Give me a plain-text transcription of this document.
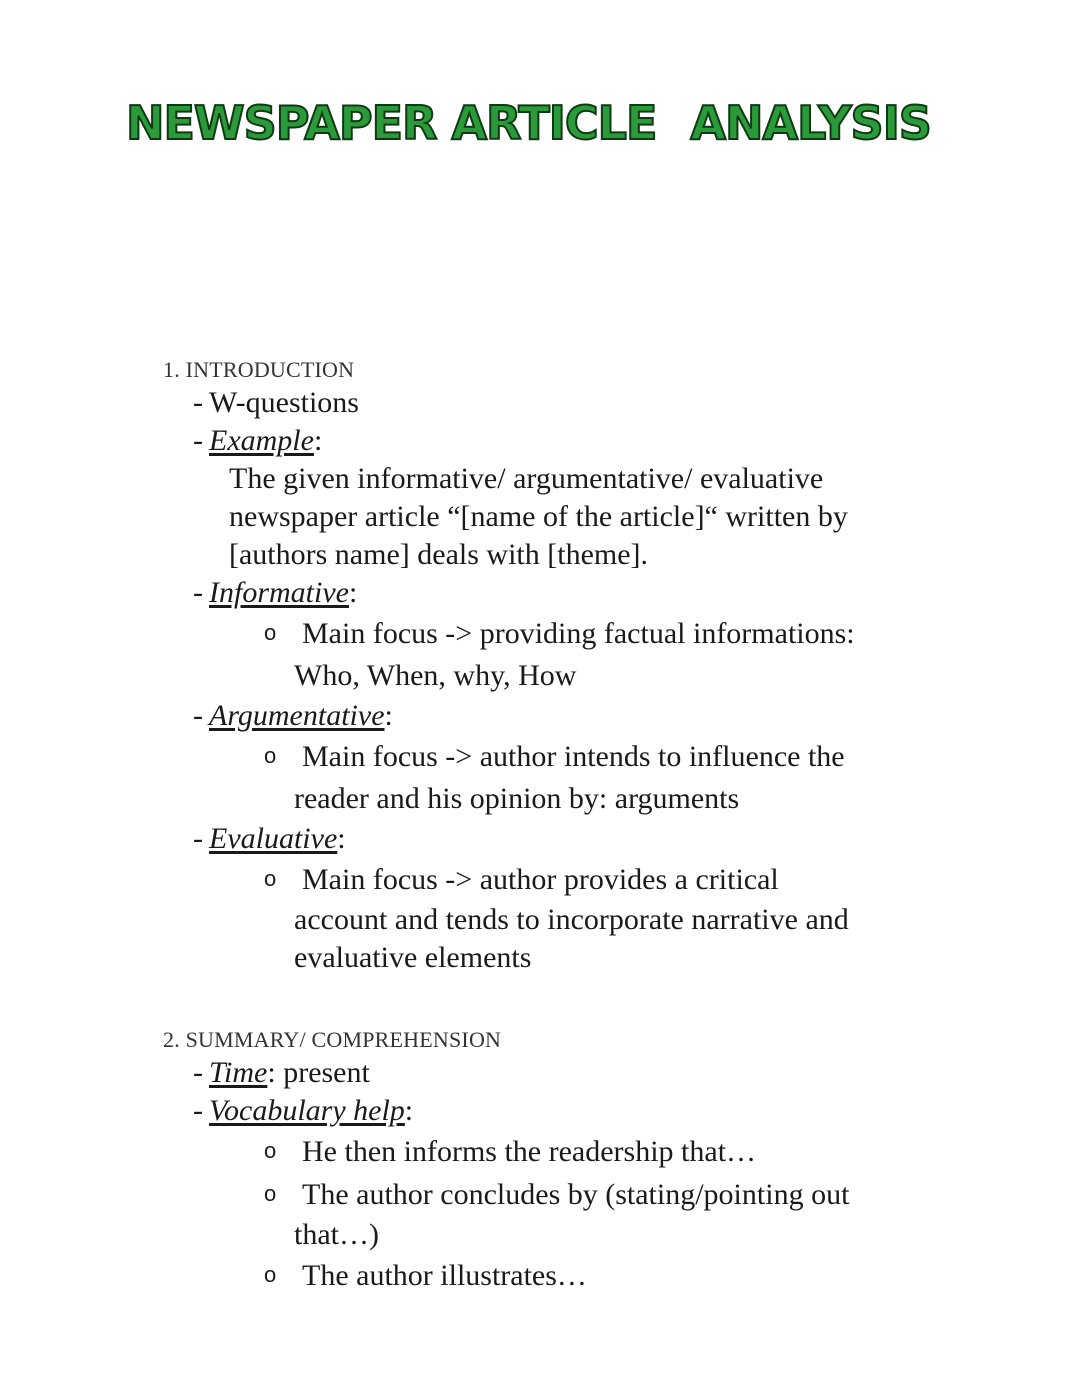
NEWSPAPER ARTICLE ANALYSIS
1. INTRODUCTION
- W-questions
- Example:
The given informative/ argumentative/ evaluative
newspaper article “[name of the article]“ written by
[authors name] deals with [theme].
- Informative:
o Main focus -> providing factual informations:
Who, When, why, How
- Argumentative:
o Main focus -> author intends to influence the
reader and his opinion by: arguments
- Evaluative:
o Main focus -> author provides a critical
account and tends to incorporate narrative and
evaluative elements
2. SUMMARY/ COMPREHENSION
- Time: present
- Vocabulary help:
o He then informs the readership that…
o The author concludes by (stating/pointing out
that…)
o The author illustrates…
